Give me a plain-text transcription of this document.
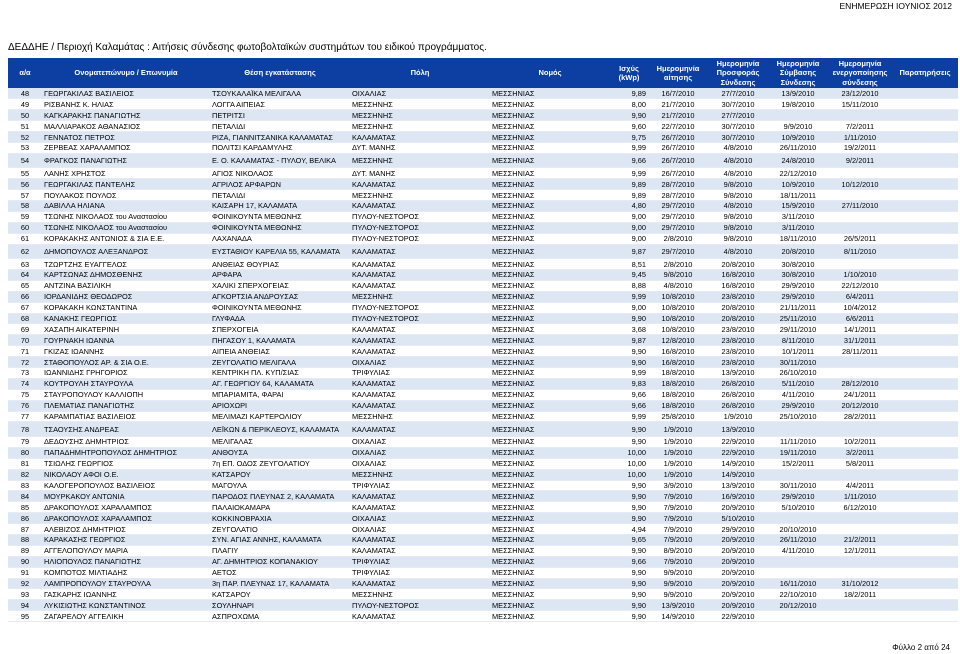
ΕΝΗΜΕΡΩΣΗ ΙΟΥΝΙΟΣ 2012
ΔΕΔΔΗΕ / Περιοχή Καλαμάτας : Αιτήσεις σύνδεσης φωτοβολταϊκών συστημάτων του ειδικού προγράμματος.
α/α	Ονοματεπώνυμο / Επωνυμία	Θέση εγκατάστασης	Πόλη	Νομός	Ισχύς (kWp)	Ημερομηνία αίτησης	Ημερομηνία Προσφοράς Σύνδεσης	Ημερομηνία Σύμβασης Σύνδεσης	Ημερομηνία ενεργοποίησης σύνδεσης	Παρατηρήσεις
48	ΓΕΩΡΓΑΚΙΛΑΣ ΒΑΣΙΛΕΙΟΣ	ΤΣΟΥΚΑΛΑΪΚΑ ΜΕΛΙΓΑΛΑ	ΟΙΧΑΛΙΑΣ	ΜΕΣΣΗΝΙΑΣ	9,89	16/7/2010	27/7/2010	13/9/2010	23/12/2010	
49	ΡΙΣΒΑΝΗΣ Κ. ΗΛΙΑΣ	ΛΟΓΓΑ ΑΙΠΕΙΑΣ	ΜΕΣΣΗΝΗΣ	ΜΕΣΣΗΝΙΑΣ	8,00	21/7/2010	30/7/2010	19/8/2010	15/11/2010	
50	ΚΑΓΚΑΡΑΚΗΣ ΠΑΝΑΓΙΩΤΗΣ	ΠΕΤΡΙΤΣΙ	ΜΕΣΣΗΝΗΣ	ΜΕΣΣΗΝΙΑΣ	9,90	21/7/2010	27/7/2010			
51	ΜΑΛΛΙΑΡΑΚΟΣ ΑΘΑΝΑΣΙΟΣ	ΠΕΤΑΛΙΔΙ	ΜΕΣΣΗΝΗΣ	ΜΕΣΣΗΝΙΑΣ	9,60	22/7/2010	30/7/2010	9/9/2010	7/2/2011	
52	ΓΕΝΝΑΤΟΣ ΠΕΤΡΟΣ	ΡΙΖΑ, ΓΙΑΝΝΙΤΣΑΝΙΚΑ ΚΑΛΑΜΑΤΑΣ	ΚΑΛΑΜΑΤΑΣ	ΜΕΣΣΗΝΙΑΣ	9,75	26/7/2010	30/7/2010	10/9/2010	1/11/2010	
53	ΖΕΡΒΕΑΣ ΧΑΡΑΛΑΜΠΟΣ	ΠΟΛΙΤΣΙ ΚΑΡΔΑΜΥΛΗΣ	ΔΥΤ. ΜΑΝΗΣ	ΜΕΣΣΗΝΙΑΣ	9,99	26/7/2010	4/8/2010	26/11/2010	19/2/2011	
54	ΦΡΑΓΚΟΣ ΠΑΝΑΓΙΩΤΗΣ	Ε. Ο. ΚΑΛΑΜΑΤΑΣ - ΠΥΛΟΥ, ΒΕΛΙΚΑ	ΜΕΣΣΗΝΗΣ	ΜΕΣΣΗΝΙΑΣ	9,66	26/7/2010	4/8/2010	24/8/2010	9/2/2011	
55	ΛΑΝΗΣ ΧΡΗΣΤΟΣ	ΑΓΙΟΣ ΝΙΚΟΛΑΟΣ	ΔΥΤ. ΜΑΝΗΣ	ΜΕΣΣΗΝΙΑΣ	9,99	26/7/2010	4/8/2010	22/12/2010		
56	ΓΕΩΡΓΑΚΙΛΑΣ ΠΑΝΤΕΛΗΣ	ΑΓΡΙΛΟΣ ΑΡΦΑΡΩΝ	ΚΑΛΑΜΑΤΑΣ	ΜΕΣΣΗΝΙΑΣ	9,89	28/7/2010	9/8/2010	10/9/2010	10/12/2010	
57	ΠΟΥΛΑΚΟΣ ΠΟΥΛΟΣ	ΠΕΤΑΛΙΔΙ	ΜΕΣΣΗΝΗΣ	ΜΕΣΣΗΝΙΑΣ	9,89	28/7/2010	9/8/2010	18/11/2011		
58	ΔΑΒΙΛΛΑ ΗΛΙΑΝΑ	ΚΑΙΣΑΡΗ 17, ΚΑΛΑΜΑΤΑ	ΚΑΛΑΜΑΤΑΣ	ΜΕΣΣΗΝΙΑΣ	4,80	29/7/2010	4/8/2010	15/9/2010	27/11/2010	
59	ΤΣΩΝΗΣ ΝΙΚΟΛΑΟΣ του Αναστασίου	ΦΟΙΝΙΚΟΥΝΤΑ ΜΕΘΩΝΗΣ	ΠΥΛΟΥ-ΝΕΣΤΟΡΟΣ	ΜΕΣΣΗΝΙΑΣ	9,00	29/7/2010	9/8/2010	3/11/2010		
60	ΤΣΩΝΗΣ ΝΙΚΟΛΑΟΣ του Αναστασίου	ΦΟΙΝΙΚΟΥΝΤΑ ΜΕΘΩΝΗΣ	ΠΥΛΟΥ-ΝΕΣΤΟΡΟΣ	ΜΕΣΣΗΝΙΑΣ	9,00	29/7/2010	9/8/2010	3/11/2010		
61	ΚΟΡΑΚΑΚΗΣ ΑΝΤΩΝΙΟΣ & ΣΙΑ Ε.Ε.	ΛΑΧΑΝΑΔΑ	ΠΥΛΟΥ-ΝΕΣΤΟΡΟΣ	ΜΕΣΣΗΝΙΑΣ	9,00	2/8/2010	9/8/2010	18/11/2010	26/5/2011	
62	ΔΗΜΟΠΟΥΛΟΣ ΑΛΕΞΑΝΔΡΟΣ	ΕΥΣΤΑΘΙΟΥ ΚΑΡΕΛΙΑ 55, ΚΑΛΑΜΑΤΑ	ΚΑΛΑΜΑΤΑΣ	ΜΕΣΣΗΝΙΑΣ	9,87	29/7/2010	4/8/2010	20/8/2010	8/11/2010	
63	ΤΖΩΡΤΖΗΣ ΕΥΑΓΓΕΛΟΣ	ΑΝΘΕΙΑΣ ΘΟΥΡΙΑΣ	ΚΑΛΑΜΑΤΑΣ	ΜΕΣΣΗΝΙΑΣ	8,51	2/8/2010	20/8/2010	30/8/2010		
64	ΚΑΡΤΣΩΝΑΣ ΔΗΜΟΣΘΕΝΗΣ	ΑΡΦΑΡΑ	ΚΑΛΑΜΑΤΑΣ	ΜΕΣΣΗΝΙΑΣ	9,45	9/8/2010	16/8/2010	30/8/2010	1/10/2010	
65	ΑΝΤΖΙΝΑ ΒΑΣΙΛΙΚΗ	ΧΑΛΙΚΙ ΣΠΕΡΧΟΓΕΙΑΣ	ΚΑΛΑΜΑΤΑΣ	ΜΕΣΣΗΝΙΑΣ	8,88	4/8/2010	16/8/2010	29/9/2010	22/12/2010	
66	ΙΟΡΔΑΝΙΔΗΣ ΘΕΟΔΩΡΟΣ	ΑΓΚΟΡΤΣΙΑ ΑΝΔΡΟΥΣΑΣ	ΜΕΣΣΗΝΗΣ	ΜΕΣΣΗΝΙΑΣ	9,99	10/8/2010	23/8/2010	29/9/2010	6/4/2011	
67	ΚΟΡΑΚΑΚΗ ΚΩΝΣΤΑΝΤΙΝΑ	ΦΟΙΝΙΚΟΥΝΤΑ ΜΕΘΩΝΗΣ	ΠΥΛΟΥ-ΝΕΣΤΟΡΟΣ	ΜΕΣΣΗΝΙΑΣ	9,00	10/8/2010	20/8/2010	21/11/2011	10/4/2012	
68	ΚΑΝΑΚΗΣ ΓΕΩΡΓΙΟΣ	ΓΛΥΦΑΔΑ	ΠΥΛΟΥ-ΝΕΣΤΟΡΟΣ	ΜΕΣΣΗΝΙΑΣ	9,90	10/8/2010	20/8/2010	25/11/2010	6/6/2011	
69	ΧΑΣΑΠΗ ΑΙΚΑΤΕΡΙΝΗ	ΣΠΕΡΧΟΓΕΙΑ	ΚΑΛΑΜΑΤΑΣ	ΜΕΣΣΗΝΙΑΣ	3,68	10/8/2010	23/8/2010	29/11/2010	14/1/2011	
70	ΓΟΥΡΝΑΚΗ ΙΩΑΝΝΑ	ΠΗΓΑΣΟΥ 1, ΚΑΛΑΜΑΤΑ	ΚΑΛΑΜΑΤΑΣ	ΜΕΣΣΗΝΙΑΣ	9,87	12/8/2010	23/8/2010	8/11/2010	31/1/2011	
71	ΓΚΙΖΑΣ ΙΩΑΝΝΗΣ	ΑΙΠΕΙΑ ΑΝΘΕΙΑΣ	ΚΑΛΑΜΑΤΑΣ	ΜΕΣΣΗΝΙΑΣ	9,90	16/8/2010	23/8/2010	10/1/2011	28/11/2011	
72	ΣΤΑΘΟΠΟΥΛΟΣ ΑΡ. & ΣΙΑ Ο.Ε.	ΖΕΥΓΟΛΑΤΙΟ ΜΕΛΙΓΑΛΑ	ΟΙΧΑΛΙΑΣ	ΜΕΣΣΗΝΙΑΣ	9,90	16/8/2010	23/8/2010	30/11/2010		
73	ΙΩΑΝΝΙΔΗΣ ΓΡΗΓΟΡΙΟΣ	ΚΕΝΤΡΙΚΗ ΠΛ. ΚΥΠ/ΣΙΑΣ	ΤΡΙΦΥΛΙΑΣ	ΜΕΣΣΗΝΙΑΣ	9,99	18/8/2010	13/9/2010	26/10/2010		
74	ΚΟΥΤΡΟΥΛΗ ΣΤΑΥΡΟΥΛΑ	ΑΓ. ΓΕΩΡΓΙΟΥ 64, ΚΑΛΑΜΑΤΑ	ΚΑΛΑΜΑΤΑΣ	ΜΕΣΣΗΝΙΑΣ	9,83	18/8/2010	26/8/2010	5/11/2010	28/12/2010	
75	ΣΤΑΥΡΟΠΟΥΛΟΥ ΚΑΛΛΙΟΠΗ	ΜΠΑΡΙΑΜΙΤΑ, ΦΑΡΑΙ	ΚΑΛΑΜΑΤΑΣ	ΜΕΣΣΗΝΙΑΣ	9,66	18/8/2010	26/8/2010	4/11/2010	24/1/2011	
76	ΠΛΕΜΑΤΙΑΣ ΠΑΝΑΓΙΩΤΗΣ	ΑΡΙΟΧΩΡΙ	ΚΑΛΑΜΑΤΑΣ	ΜΕΣΣΗΝΙΑΣ	9,66	18/8/2010	26/8/2010	29/9/2010	20/12/2010	
77	ΚΑΡΑΜΠΑΤΙΑΣ ΒΑΣΙΛΕΙΟΣ	ΜΕΛΙΜΑΖΙ ΚΑΡΤΕΡΟΛΙΟΥ	ΜΕΣΣΗΝΗΣ	ΜΕΣΣΗΝΙΑΣ	9,99	25/8/2010	1/9/2010	25/10/2010	28/2/2011	
78	ΤΣΑΟΥΣΗΣ ΑΝΔΡΕΑΣ	ΛΕΪΚΩΝ & ΠΕΡΙΚΛΕΟΥΣ, ΚΑΛΑΜΑΤΑ	ΚΑΛΑΜΑΤΑΣ	ΜΕΣΣΗΝΙΑΣ	9,90	1/9/2010	13/9/2010			
79	ΔΕΔΟΥΣΗΣ ΔΗΜΗΤΡΙΟΣ	ΜΕΛΙΓΑΛΑΣ	ΟΙΧΑΛΙΑΣ	ΜΕΣΣΗΝΙΑΣ	9,90	1/9/2010	22/9/2010	11/11/2010	10/2/2011	
80	ΠΑΠΑΔΗΜΗΤΡΟΠΟΥΛΟΣ ΔΗΜΗΤΡΙΟΣ	ΑΝΘΟΥΣΑ	ΟΙΧΑΛΙΑΣ	ΜΕΣΣΗΝΙΑΣ	10,00	1/9/2010	22/9/2010	19/11/2010	3/2/2011	
81	ΤΣΙΩΛΗΣ ΓΕΩΡΓΙΟΣ	7η ΕΠ. ΟΔΟΣ ΖΕΥΓΟΛΑΤΙΟΥ	ΟΙΧΑΛΙΑΣ	ΜΕΣΣΗΝΙΑΣ	10,00	1/9/2010	14/9/2010	15/2/2011	5/8/2011	
82	ΝΙΚΟΛΑΟΥ ΑΦΟΙ Ο.Ε.	ΚΑΤΣΑΡΟΥ	ΜΕΣΣΗΝΗΣ	ΜΕΣΣΗΝΙΑΣ	10,00	1/9/2010	14/9/2010			
83	ΚΑΛΟΓΕΡΟΠΟΥΛΟΣ ΒΑΣΙΛΕΙΟΣ	ΜΑΓΟΥΛΑ	ΤΡΙΦΥΛΙΑΣ	ΜΕΣΣΗΝΙΑΣ	9,90	3/9/2010	13/9/2010	30/11/2010	4/4/2011	
84	ΜΟΥΡΚΑΚΟΥ ΑΝΤΩΝΙΑ	ΠΑΡΟΔΟΣ ΠΛΕΥΝΑΣ 2, ΚΑΛΑΜΑΤΑ	ΚΑΛΑΜΑΤΑΣ	ΜΕΣΣΗΝΙΑΣ	9,90	7/9/2010	16/9/2010	29/9/2010	1/11/2010	
85	ΔΡΑΚΟΠΟΥΛΟΣ ΧΑΡΑΛΑΜΠΟΣ	ΠΑΛΑΙΟΚΑΜΑΡΑ	ΚΑΛΑΜΑΤΑΣ	ΜΕΣΣΗΝΙΑΣ	9,90	7/9/2010	20/9/2010	5/10/2010	6/12/2010	
86	ΔΡΑΚΟΠΟΥΛΟΣ ΧΑΡΑΛΑΜΠΟΣ	ΚΟΚΚΙΝΟΒΡΑΧΙΑ	ΟΙΧΑΛΙΑΣ	ΜΕΣΣΗΝΙΑΣ	9,90	7/9/2010	5/10/2010			
87	ΑΛΕΒΙΖΟΣ ΔΗΜΗΤΡΙΟΣ	ΖΕΥΓΟΛΑΤΙΟ	ΟΙΧΑΛΙΑΣ	ΜΕΣΣΗΝΙΑΣ	4,94	7/9/2010	29/9/2010	20/10/2010		
88	ΚΑΡΑΚΑΣΗΣ ΓΕΩΡΓΙΟΣ	ΣΥΝ. ΑΓΙΑΣ ΑΝΝΗΣ, ΚΑΛΑΜΑΤΑ	ΚΑΛΑΜΑΤΑΣ	ΜΕΣΣΗΝΙΑΣ	9,65	7/9/2010	20/9/2010	26/11/2010	21/2/2011	
89	ΑΓΓΕΛΟΠΟΥΛΟΥ ΜΑΡΙΑ	ΠΛΑΓΙΥ	ΚΑΛΑΜΑΤΑΣ	ΜΕΣΣΗΝΙΑΣ	9,90	8/9/2010	20/9/2010	4/11/2010	12/1/2011	
90	ΗΛΙΟΠΟΥΛΟΣ ΠΑΝΑΓΙΩΤΗΣ	ΑΓ. ΔΗΜΗΤΡΙΟΣ ΚΟΠΑΝΑΚΙΟΥ	ΤΡΙΦΥΛΙΑΣ	ΜΕΣΣΗΝΙΑΣ	9,66	7/9/2010	20/9/2010			
91	ΚΟΜΠΟΤΟΣ ΜΙΛΤΙΑΔΗΣ	ΑΕΤΟΣ	ΤΡΙΦΥΛΙΑΣ	ΜΕΣΣΗΝΙΑΣ	9,90	9/9/2010	20/9/2010			
92	ΛΑΜΠΡΟΠΟΥΛΟΥ ΣΤΑΥΡΟΥΛΑ	3η ΠΑΡ. ΠΛΕΥΝΑΣ 17, ΚΑΛΑΜΑΤΑ	ΚΑΛΑΜΑΤΑΣ	ΜΕΣΣΗΝΙΑΣ	9,90	9/9/2010	20/9/2010	16/11/2010	31/10/2012	
93	ΓΑΣΚΑΡΗΣ ΙΩΑΝΝΗΣ	ΚΑΤΣΑΡΟΥ	ΜΕΣΣΗΝΗΣ	ΜΕΣΣΗΝΙΑΣ	9,90	9/9/2010	20/9/2010	22/10/2010	18/2/2011	
94	ΛΥΚΙΣΙΩΤΗΣ ΚΩΝΣΤΑΝΤΙΝΟΣ	ΣΟΥΛΗΝΑΡΙ	ΠΥΛΟΥ-ΝΕΣΤΟΡΟΣ	ΜΕΣΣΗΝΙΑΣ	9,90	13/9/2010	20/9/2010	20/12/2010		
95	ΖΑΓΑΡΕΛΟΥ ΑΓΓΕΛΙΚΗ	ΑΣΠΡΟΧΩΜΑ	ΚΑΛΑΜΑΤΑΣ	ΜΕΣΣΗΝΙΑΣ	9,90	14/9/2010	22/9/2010			
Φύλλο 2 από 24
